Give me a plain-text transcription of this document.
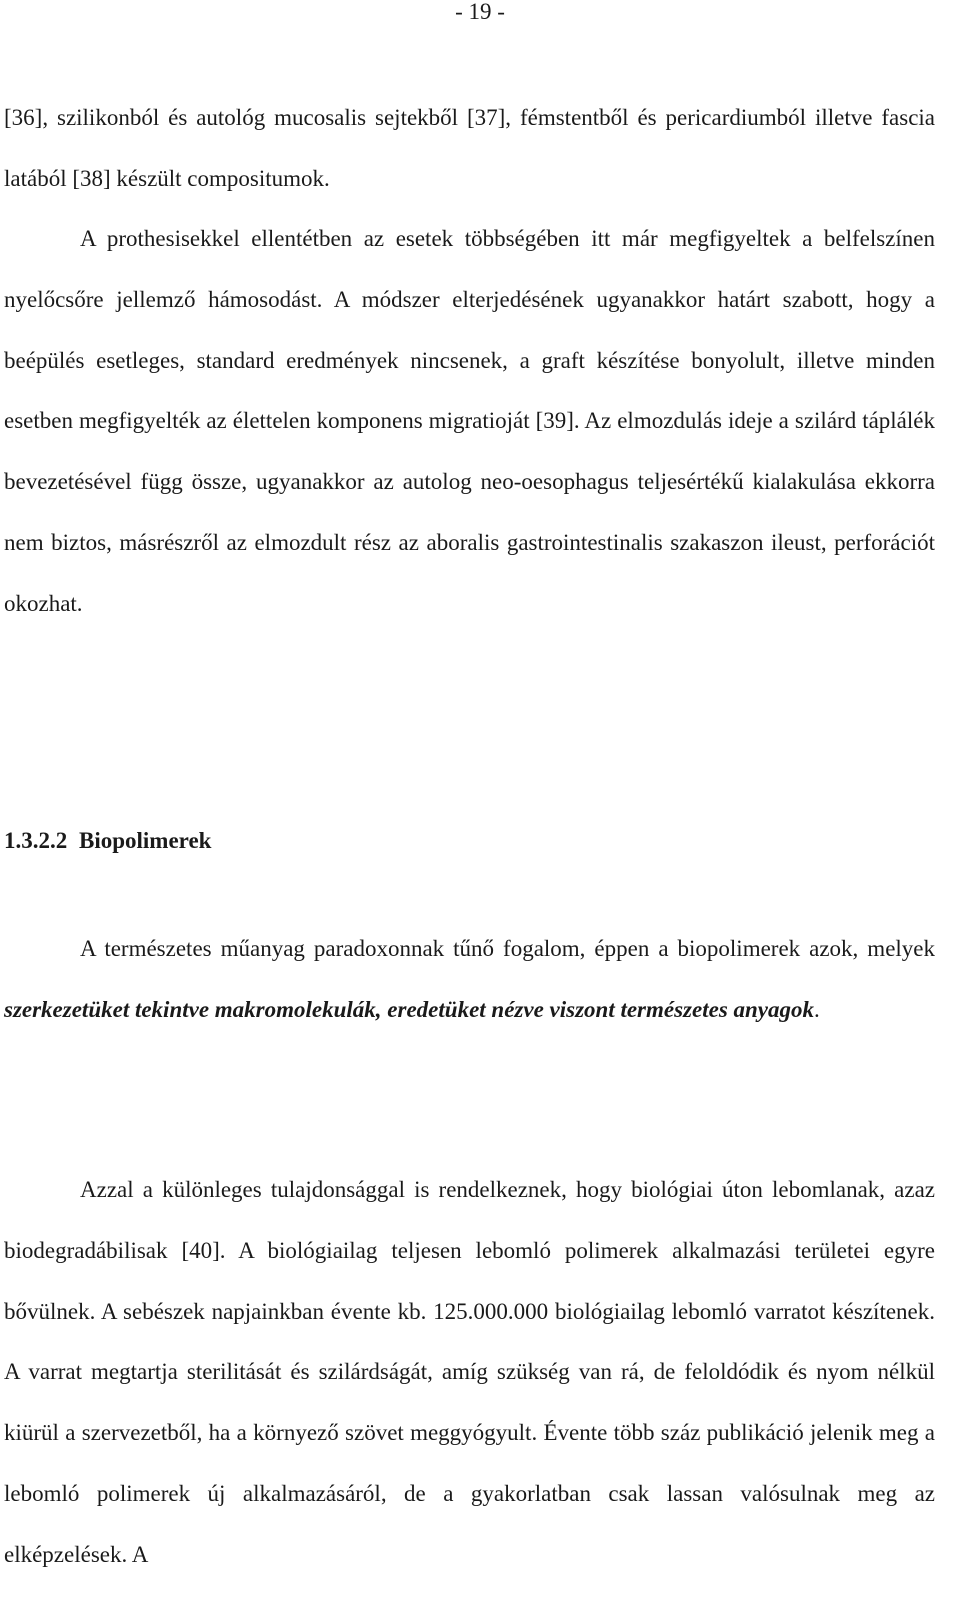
- 19 -

[36], szilikonból és autológ mucosalis sejtekből [37], fémstentből és pericardiumból illetve fascia latából [38] készült compositumok.

A prothesisekkel ellentétben az esetek többségében itt már megfigyeltek a belfelszínen nyelőcsőre jellemző hámosodást. A módszer elterjedésének ugyanakkor határt szabott, hogy a beépülés esetleges, standard eredmények nincsenek, a graft készítése bonyolult, illetve minden esetben megfigyelték az élettelen komponens migratioját [39]. Az elmozdulás ideje a szilárd táplálék bevezetésével függ össze, ugyanakkor az autolog neo-oesophagus teljesértékű kialakulása ekkorra nem biztos, másrészről az elmozdult rész az aboralis gastrointestinalis szakaszon ileust, perforációt okozhat.

1.3.2.2 Biopolimerek

A természetes műanyag paradoxonnak tűnő fogalom, éppen a biopolimerek azok, melyek szerkezetüket tekintve makromolekulák, eredetüket nézve viszont természetes anyagok.

Azzal a különleges tulajdonsággal is rendelkeznek, hogy biológiai úton lebomlanak, azaz biodegradábilisak [40]. A biológiailag teljesen lebomló polimerek alkalmazási területei egyre bővülnek. A sebészek napjainkban évente kb. 125.000.000 biológiailag lebomló varratot készítenek. A varrat megtartja sterilitását és szilárdságát, amíg szükség van rá, de feloldódik és nyom nélkül kiürül a szervezetből, ha a környező szövet meggyógyult. Évente több száz publikáció jelenik meg a lebomló polimerek új alkalmazásáról, de a gyakorlatban csak lassan valósulnak meg az elképzelések. A
